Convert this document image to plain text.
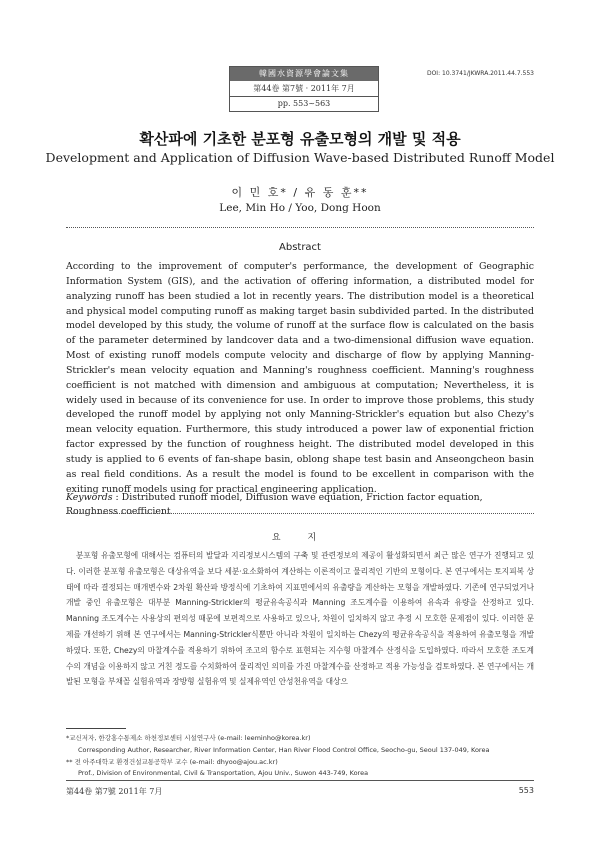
韓國水資源學會論文集
第44卷 第7號 · 2011年 7月
pp. 553~563
DOI: 10.3741/JKWRA.2011.44.7.553
확산파에 기초한 분포형 유출모형의 개발 및 적용
Development and Application of Diffusion Wave-based Distributed Runoff Model
이 민 호* / 유 동 훈**
Lee, Min Ho / Yoo, Dong Hoon
Abstract
According to the improvement of computer's performance, the development of Geographic Information System (GIS), and the activation of offering information, a distributed model for analyzing runoff has been studied a lot in recently years. The distribution model is a theoretical and physical model computing runoff as making target basin subdivided parted. In the distributed model developed by this study, the volume of runoff at the surface flow is calculated on the basis of the parameter determined by landcover data and a two-dimensional diffusion wave equation. Most of existing runoff models compute velocity and discharge of flow by applying Manning-Strickler's mean velocity equation and Manning's roughness coefficient. Manning's roughness coefficient is not matched with dimension and ambiguous at computation; Nevertheless, it is widely used in because of its convenience for use. In order to improve those problems, this study developed the runoff model by applying not only Manning-Strickler's equation but also Chezy's mean velocity equation. Furthermore, this study introduced a power law of exponential friction factor expressed by the function of roughness height. The distributed model developed in this study is applied to 6 events of fan-shape basin, oblong shape test basin and Anseongcheon basin as real field conditions. As a result the model is found to be excellent in comparison with the exiting runoff models using for practical engineering application.
Keywords : Distributed runoff model, Diffusion wave equation, Friction factor equation, Roughness coefficient
요 지

분포형 유출모형에 대해서는 컴퓨터의 발달과 지리정보시스템의 구축 및 관련정보의 제공이 활성화되면서 최근 많은 연구가 진행되고 있다. 이러한 분포형 유출모형은 대상유역을 보다 세분·요소화하여 계산하는 이론적이고 물리적인 기반의 모형이다. 본 연구에서는 토지피복 상태에 따라 결정되는 매개변수와 2차원 확산파 방정식에 기초하여 지표면에서의 유출량을 계산하는 모형을 개발하였다. 기존에 연구되었거나 개발 중인 유출모형은 대부분 Manning-Strickler의 평균유속공식과 Manning 조도계수를 이용하여 유속과 유량을 산정하고 있다. Manning 조도계수는 사용상의 편의성 때문에 보편적으로 사용하고 있으나, 차원이 일치하지 않고 추정 시 모호한 문제점이 있다. 이러한 문제를 개선하기 위해 본 연구에서는 Manning-Strickler식뿐만 아니라 차원이 일치하는 Chezy의 평균유속공식을 적용하여 유출모형을 개발하였다. 또한, Chezy의 마찰계수를 적용하기 위하여 조고의 함수로 표현되는 지수형 마찰계수 산정식을 도입하였다. 따라서 모호한 조도계수의 개념을 이용하지 않고 거친 정도를 수치화하여 물리적인 의미를 가진 마찰계수를 산정하고 적용 가능성을 검토하였다. 본 연구에서는 개발된 모형을 부채꼴 실험유역과 장방형 실험유역 및 실제유역인 안성천유역을 대상으

*교신저자, 한강홍수통제소 하천정보센터 시설연구사 (e-mail: leeminho@korea.kr)
Corresponding Author, Researcher, River Information Center, Han River Flood Control Office, Seocho-gu, Seoul 137-049, Korea
** 전 아주대학교 환경건설교통공학부 교수 (e-mail: dhyoo@ajou.ac.kr)
Prof., Division of Environmental, Civil & Transportation, Ajou Univ., Suwon 443-749, Korea
第44卷 第7號 2011年 7月	553
